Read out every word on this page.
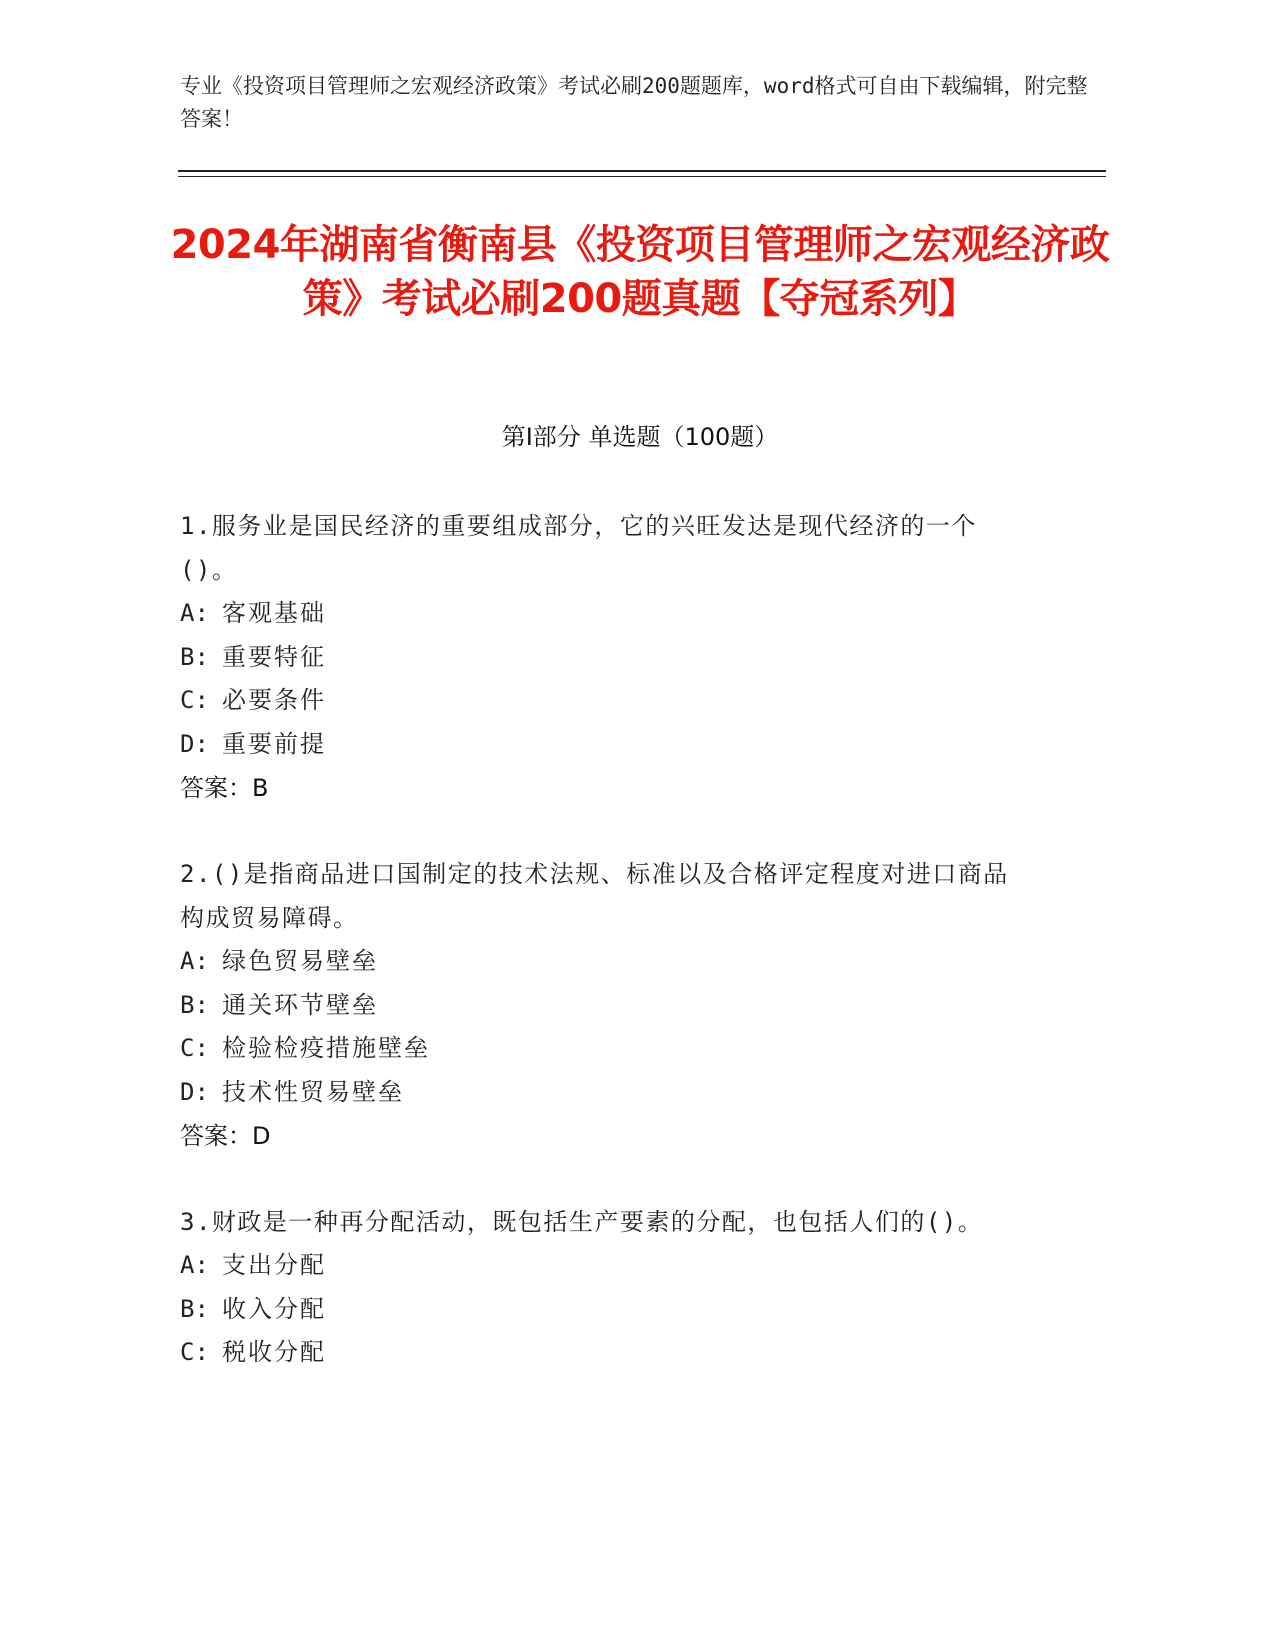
专业《投资项目管理师之宏观经济政策》考试必刷200题题库，word格式可自由下载编辑，附完整答案！
2024年湖南省衡南县《投资项目管理师之宏观经济政策》考试必刷200题真题【夺冠系列】
第I部分 单选题（100题）
1.服务业是国民经济的重要组成部分，它的兴旺发达是现代经济的一个()。
A: 客观基础
B: 重要特征
C: 必要条件
D: 重要前提
答案：B
2.()是指商品进口国制定的技术法规、标准以及合格评定程度对进口商品构成贸易障碍。
A: 绿色贸易壁垒
B: 通关环节壁垒
C: 检验检疫措施壁垒
D: 技术性贸易壁垒
答案：D
3.财政是一种再分配活动，既包括生产要素的分配，也包括人们的()。
A: 支出分配
B: 收入分配
C: 税收分配
